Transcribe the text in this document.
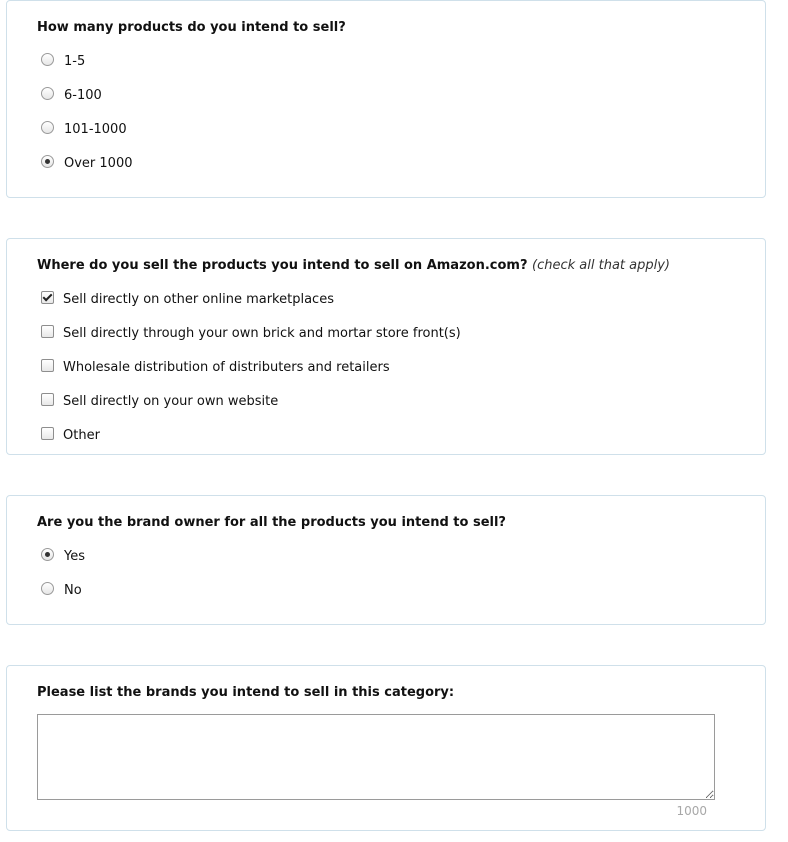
How many products do you intend to sell?
1-5
6-100
101-1000
Over 1000
Where do you sell the products you intend to sell on Amazon.com? (check all that apply)
Sell directly on other online marketplaces
Sell directly through your own brick and mortar store front(s)
Wholesale distribution of distributers and retailers
Sell directly on your own website
Other
Are you the brand owner for all the products you intend to sell?
Yes
No
Please list the brands you intend to sell in this category:
1000
